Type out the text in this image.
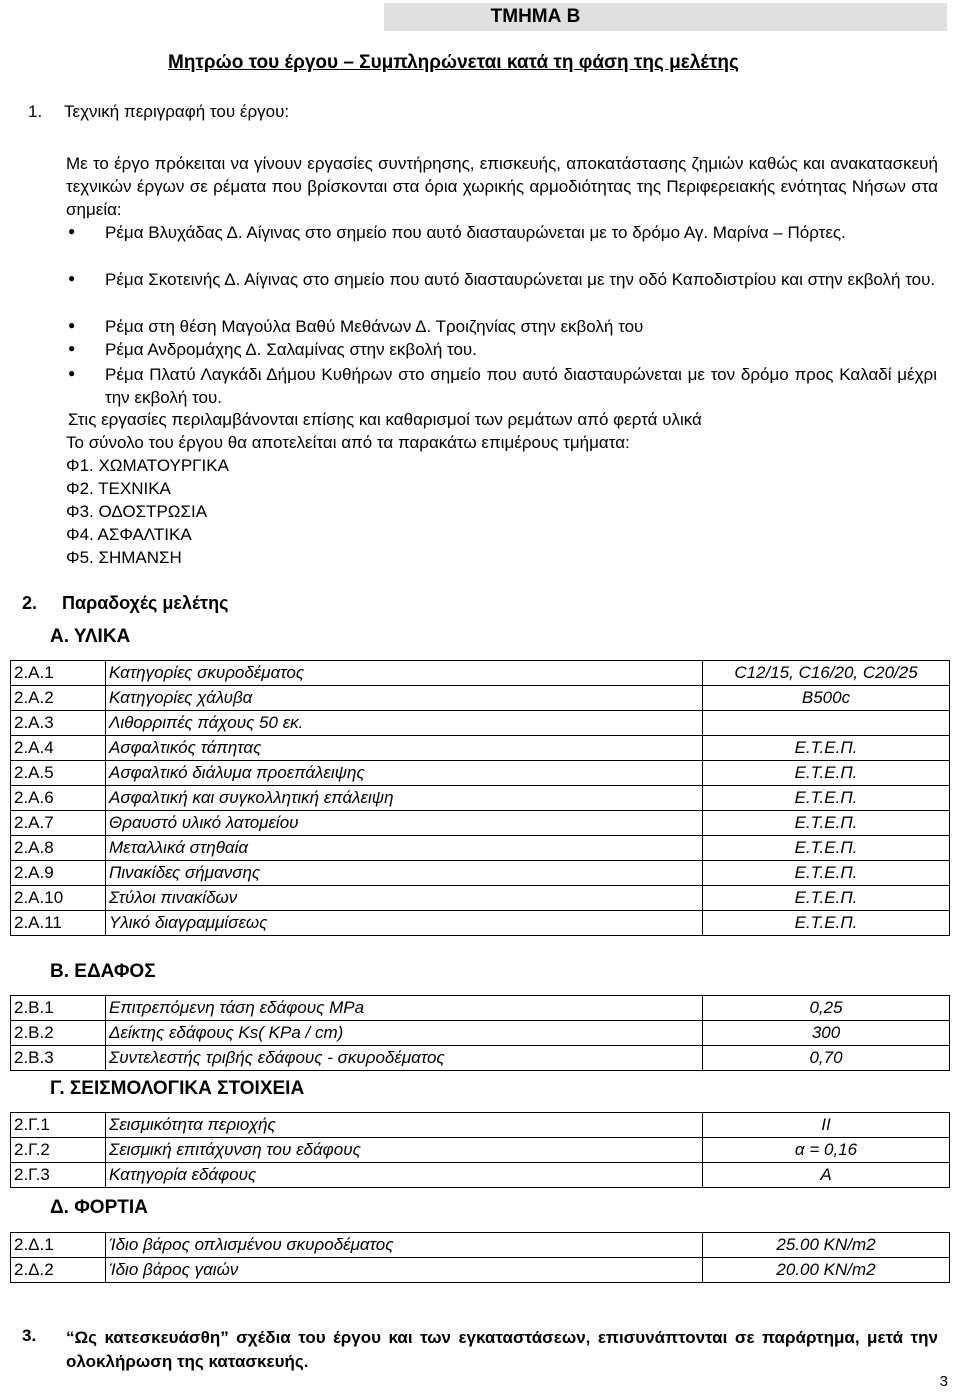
ΤΜΗΜΑ Β
Μητρώο του έργου – Συμπληρώνεται κατά τη φάση της μελέτης
1. Τεχνική περιγραφή του έργου:
Με το έργο πρόκειται να γίνουν εργασίες συντήρησης, επισκευής, αποκατάστασης ζημιών καθώς και ανακατασκευή τεχνικών έργων σε ρέματα που βρίσκονται στα όρια χωρικής αρμοδιότητας της Περιφερειακής ενότητας Νήσων στα σημεία:
● Ρέμα Βλυχάδας Δ. Αίγινας στο σημείο που αυτό διασταυρώνεται με το δρόμο Αγ. Μαρίνα – Πόρτες.
● Ρέμα Σκοτεινής Δ. Αίγινας στο σημείο που αυτό διασταυρώνεται με την οδό Καποδιστρίου και στην εκβολή του.
● Ρέμα στη θέση Μαγούλα Βαθύ Μεθάνων Δ. Τροιζηνίας στην εκβολή του
● Ρέμα Ανδρομάχης Δ. Σαλαμίνας στην εκβολή του.
● Ρέμα Πλατύ Λαγκάδι Δήμου Κυθήρων στο σημείο που αυτό διασταυρώνεται με τον δρόμο προς Καλαδί μέχρι την εκβολή του.
Στις εργασίες περιλαμβάνονται επίσης και καθαρισμοί των ρεμάτων από φερτά υλικά
Το σύνολο του έργου θα αποτελείται από τα παρακάτω επιμέρους τμήματα:
Φ1. ΧΩΜΑΤΟΥΡΓΙΚΑ
Φ2. ΤΕΧΝΙΚΑ
Φ3. ΟΔΟΣΤΡΩΣΙΑ
Φ4. ΑΣΦΑΛΤΙΚΑ
Φ5. ΣΗΜΑΝΣΗ
2. Παραδοχές μελέτης
Α. ΥΛΙΚΑ
2.Α.1	Κατηγορίες σκυροδέματος	C12/15, C16/20, C20/25
2.Α.2	Κατηγορίες χάλυβα	B500c
2.Α.3	Λιθορριπές πάχους 50 εκ.	
2.Α.4	Ασφαλτικός τάπητας	Ε.Τ.Ε.Π.
2.Α.5	Ασφαλτικό διάλυμα προεπάλειψης	Ε.Τ.Ε.Π.
2.Α.6	Ασφαλτική και συγκολλητική επάλειψη	Ε.Τ.Ε.Π.
2.Α.7	Θραυστό υλικό λατομείου	Ε.Τ.Ε.Π.
2.Α.8	Μεταλλικά στηθαία	Ε.Τ.Ε.Π.
2.Α.9	Πινακίδες σήμανσης	Ε.Τ.Ε.Π.
2.Α.10	Στύλοι πινακίδων	Ε.Τ.Ε.Π.
2.Α.11	Υλικό διαγραμμίσεως	Ε.Τ.Ε.Π.
Β. ΕΔΑΦΟΣ
2.Β.1	Επιτρεπόμενη τάση εδάφους MPa	0,25
2.Β.2	Δείκτης εδάφους Ks( KPa / cm)	300
2.Β.3	Συντελεστής τριβής εδάφους - σκυροδέματος	0,70
Γ. ΣΕΙΣΜΟΛΟΓΙΚΑ ΣΤΟΙΧΕΙΑ
2.Γ.1	Σεισμικότητα περιοχής	II
2.Γ.2	Σεισμική επιτάχυνση του εδάφους	α = 0,16
2.Γ.3	Κατηγορία εδάφους	Α
Δ. ΦΟΡΤΙΑ
2.Δ.1	Ίδιο βάρος οπλισμένου σκυροδέματος	25.00 KN/m2
2.Δ.2	Ίδιο βάρος γαιών	20.00 KN/m2
3. “Ως κατεσκευάσθη” σχέδια του έργου και των εγκαταστάσεων, επισυνάπτονται σε παράρτημα, μετά την ολοκλήρωση της κατασκευής.
3
